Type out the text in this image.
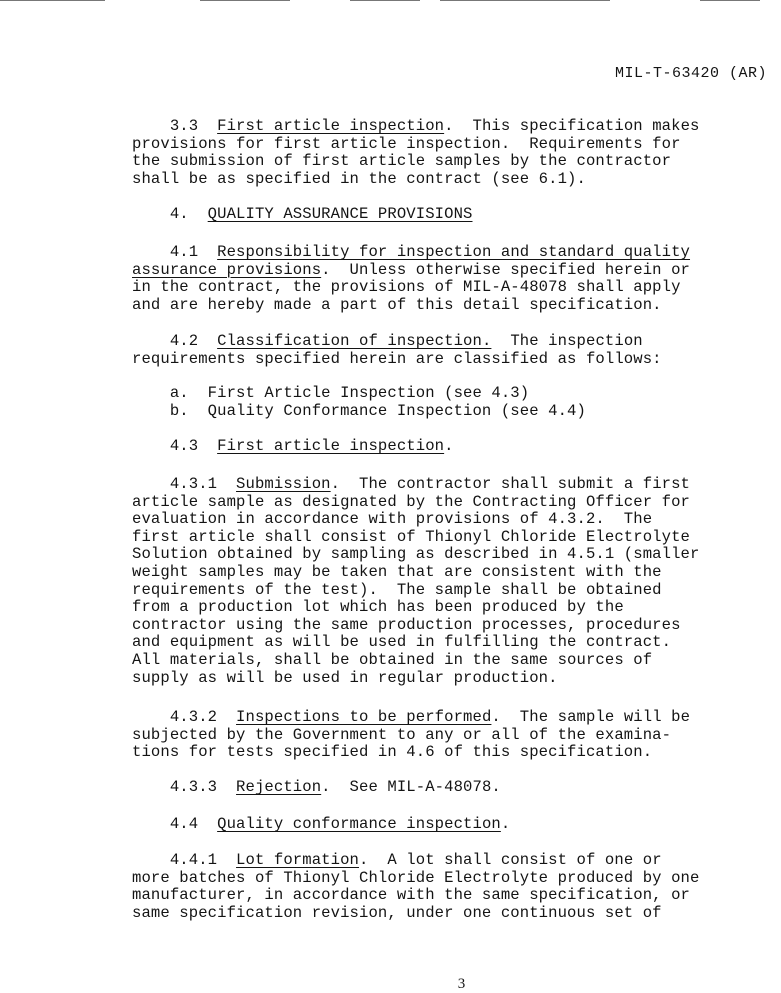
MIL-T-63420 (AR)
3.3  First article inspection.  This specification makes
provisions for first article inspection.  Requirements for
the submission of first article samples by the contractor
shall be as specified in the contract (see 6.1).
4.  QUALITY ASSURANCE PROVISIONS
4.1  Responsibility for inspection and standard quality
assurance provisions.  Unless otherwise specified herein or
in the contract, the provisions of MIL-A-48078 shall apply
and are hereby made a part of this detail specification.
4.2  Classification of inspection.  The inspection
requirements specified herein are classified as follows:
a.  First Article Inspection (see 4.3)
b.  Quality Conformance Inspection (see 4.4)
4.3  First article inspection.
4.3.1  Submission.  The contractor shall submit a first
article sample as designated by the Contracting Officer for
evaluation in accordance with provisions of 4.3.2.  The
first article shall consist of Thionyl Chloride Electrolyte
Solution obtained by sampling as described in 4.5.1 (smaller
weight samples may be taken that are consistent with the
requirements of the test).  The sample shall be obtained
from a production lot which has been produced by the
contractor using the same production processes, procedures
and equipment as will be used in fulfilling the contract.
All materials, shall be obtained in the same sources of
supply as will be used in regular production.
4.3.2  Inspections to be performed.  The sample will be
subjected by the Government to any or all of the examina-
tions for tests specified in 4.6 of this specification.
4.3.3  Rejection.  See MIL-A-48078.
4.4  Quality conformance inspection.
4.4.1  Lot formation.  A lot shall consist of one or
more batches of Thionyl Chloride Electrolyte produced by one
manufacturer, in accordance with the same specification, or
same specification revision, under one continuous set of
3
